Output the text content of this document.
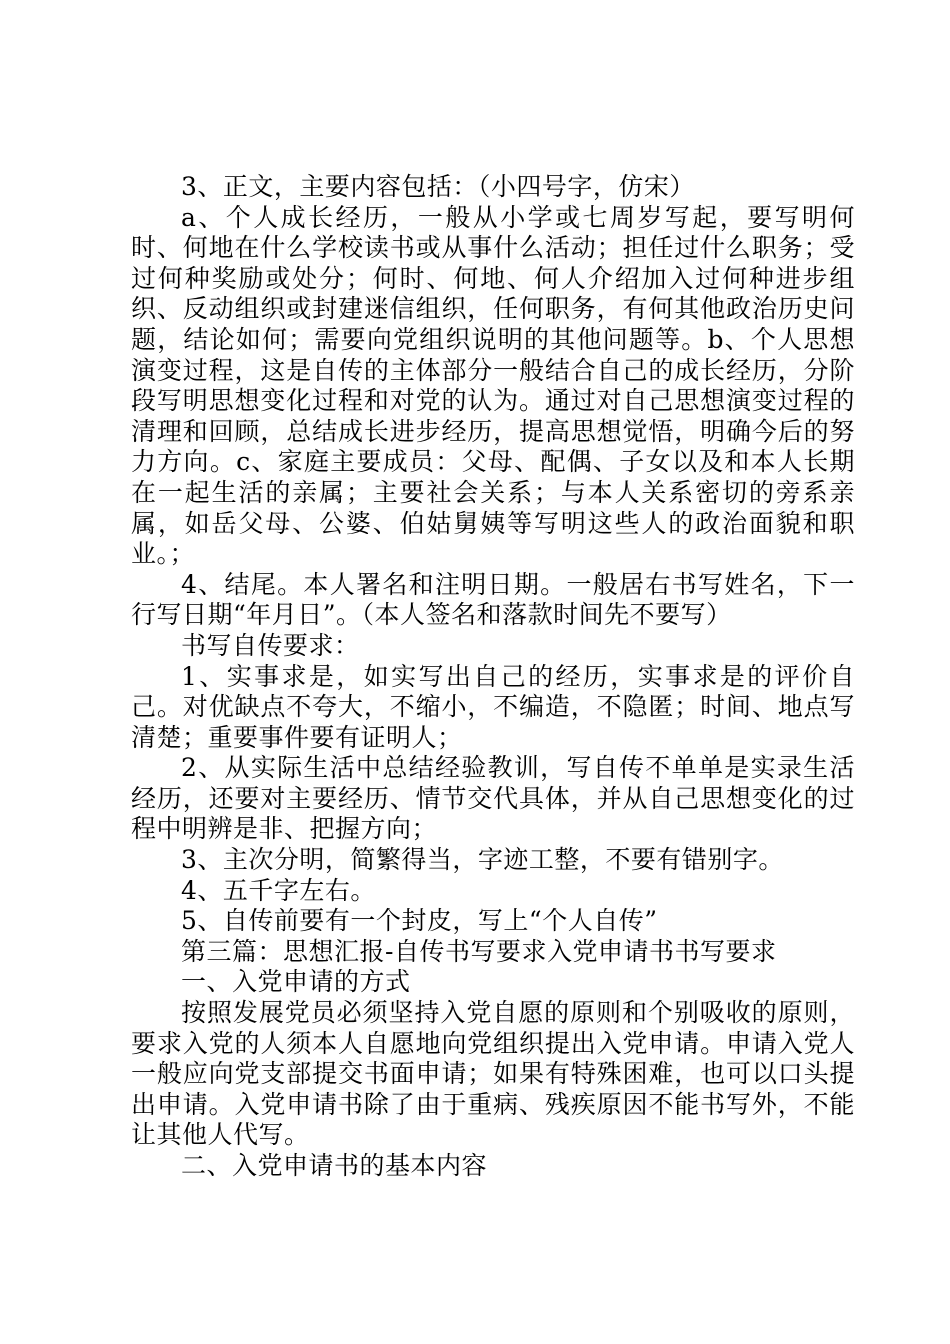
3、正文，主要内容包括：（小四号字，仿宋）

a、个人成长经历，一般从小学或七周岁写起，要写明何时、何地在什么学校读书或从事什么活动；担任过什么职务；受过何种奖励或处分；何时、何地、何人介绍加入过何种进步组织、反动组织或封建迷信组织，任何职务，有何其他政治历史问题，结论如何；需要向党组织说明的其他问题等。b、个人思想演变过程，这是自传的主体部分一般结合自己的成长经历，分阶段写明思想变化过程和对党的认为。通过对自己思想演变过程的清理和回顾，总结成长进步经历，提高思想觉悟，明确今后的努力方向。c、家庭主要成员：父母、配偶、子女以及和本人长期在一起生活的亲属；主要社会关系；与本人关系密切的旁系亲属，如岳父母、公婆、伯姑舅姨等写明这些人的政治面貌和职业。；

4、结尾。本人署名和注明日期。一般居右书写姓名，下一行写日期“年月日”。（本人签名和落款时间先不要写）

书写自传要求：

1、实事求是，如实写出自己的经历，实事求是的评价自己。对优缺点不夸大，不缩小，不编造，不隐匿；时间、地点写清楚；重要事件要有证明人；

2、从实际生活中总结经验教训，写自传不单单是实录生活经历，还要对主要经历、情节交代具体，并从自己思想变化的过程中明辨是非、把握方向；

3、主次分明，简繁得当，字迹工整，不要有错别字。

4、五千字左右。

5、自传前要有一个封皮，写上“个人自传”

第三篇：思想汇报-自传书写要求入党申请书书写要求

一、入党申请的方式

按照发展党员必须坚持入党自愿的原则和个别吸收的原则，要求入党的人须本人自愿地向党组织提出入党申请。申请入党人一般应向党支部提交书面申请；如果有特殊困难，也可以口头提出申请。入党申请书除了由于重病、残疾原因不能书写外，不能让其他人代写。

二、入党申请书的基本内容
